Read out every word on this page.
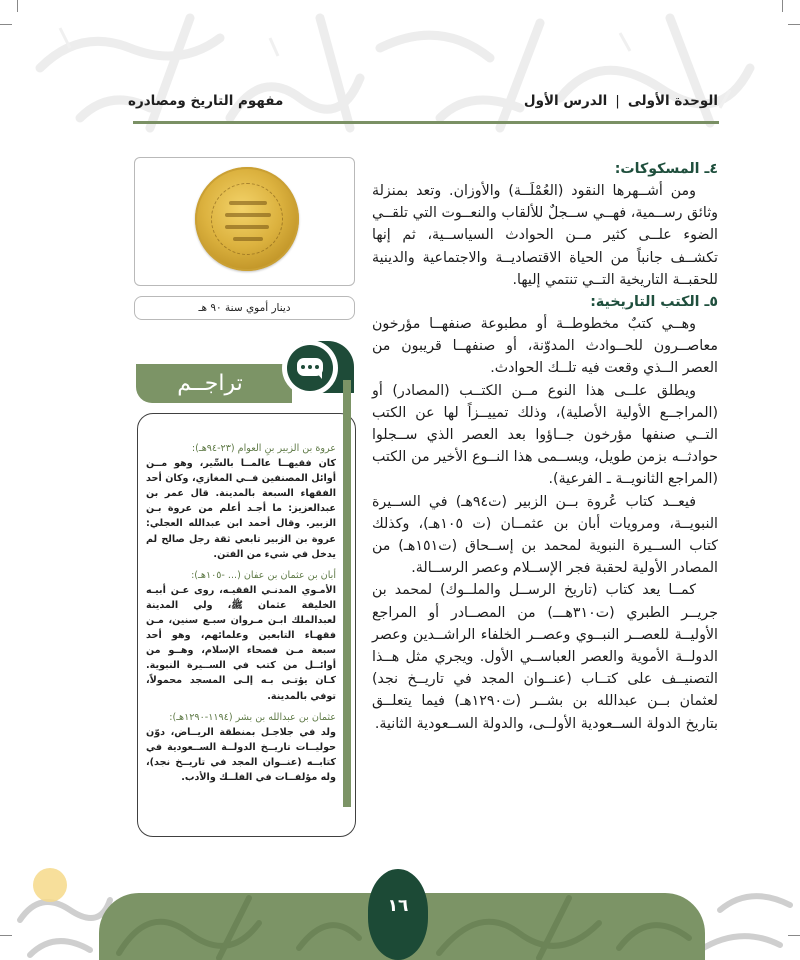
الوحدة الأولى|الدرس الأول
مفهوم التاريخ ومصادره
٤ـ المسكوكات:

ومن أشــهرها النقود (العُمْلَــة) والأوزان. وتعد بمنزلة وثائق رســمية، فهــي ســجلٌ للألقاب والنعــوت التي تلقــي الضوء علــى كثير مــن الحوادث السياســية، ثم إنها تكشــف جانباً من الحياة الاقتصاديــة والاجتماعية والدينية للحقبــة التاريخية التــي تنتمي إليها.

٥ـ الكتب التاريخية:

وهــي كتبٌ مخطوطــة أو مطبوعة صنفهــا مؤرخون معاصــرون للحــوادث المدوّنة، أو صنفهــا قريبون من العصر الــذي وقعت فيه تلــك الحوادث.

ويطلق علــى هذا النوع مــن الكتــب (المصادر) أو (المراجــع الأولية الأصلية)، وذلك تمييــزاً لها عن الكتب التــي صنفها مؤرخون جــاؤوا بعد العصر الذي ســجلوا حوادثــه بزمن طويل، ويســمى هذا النــوع الأخير من الكتب (المراجع الثانويــة ـ الفرعية).

فيعــد كتاب عُروة بــن الزبير (ت٩٤هـ) في الســيرة النبويــة، ومرويات أبان بن عثمــان (ت ١٠٥هـ)، وكذلك كتاب الســيرة النبوية لمحمد بن إســحاق (ت١٥١هـ) من المصادر الأولية لحقبة فجر الإســلام وعصر الرســالة.

كمــا يعد كتاب (تاريخ الرســل والملــوك) لمحمد بن جريــر الطبري (ت٣١٠هـــ) من المصــادر أو المراجع الأوليــة للعصــر النبــوي وعصــر الخلفاء الراشــدين وعصر الدولــة الأموية والعصر العباســي الأول. ويجري مثل هــذا التصنيــف على كتــاب (عنــوان المجد في تاريــخ نجد) لعثمان بــن عبدالله بن بشــر (ت١٢٩٠هـ) فيما يتعلــق بتاريخ الدولة الســعودية الأولــى، والدولة الســعودية الثانية.

دينار أموي سنة ٩٠ هـ
تراجــم
عروة بن الزبير بنِ العوام (٢٣-٩٤هـ):
كان فقيهــا عالمــا بالسِّير، وهو مــن أوائل المصنفين فــي المغازي، وكان أحد الفقهاء السبعة بالمدينة. قال عمر بن عبدالعزيز: ما أجـد أعلم من عروة بـن الزبير. وقال أحمد ابن عبدالله العجلي: عروة بن الزبير تابعي ثقة رجل صالح لم يدخل في شيء من الفتن.
أبان بن عثمان بن عفان (... -١٠٥هـ):
الأمـوي المدنـي الفقيـه، روى عـن أبيـه الخليفة عثمان ﷺ، ولي المدينة لعبدالملك ابـن مـروان سبـع سنين، مـن فقهـاء التابعين وعلمائهم، وهو أحد سبعة مـن فصحاء الإسلام، وهــو من أوائــل من كتب في الســيرة النبوية. كـان يؤتـى بـه إلـى المسجد محمولاً، توفي بالمدينة.
عثمان بن عبدالله بن بشر (١١٩٤-١٢٩٠هـ):
ولد في جلاجـل بمنطقة الريــاض، دوّن حوليــات تاريــخ الدولــة الســعودية في كتابــه (عنــوان المجد في تاريــخ نجد)، وله مؤلفــات في الفلــك والأدب.
١٦
